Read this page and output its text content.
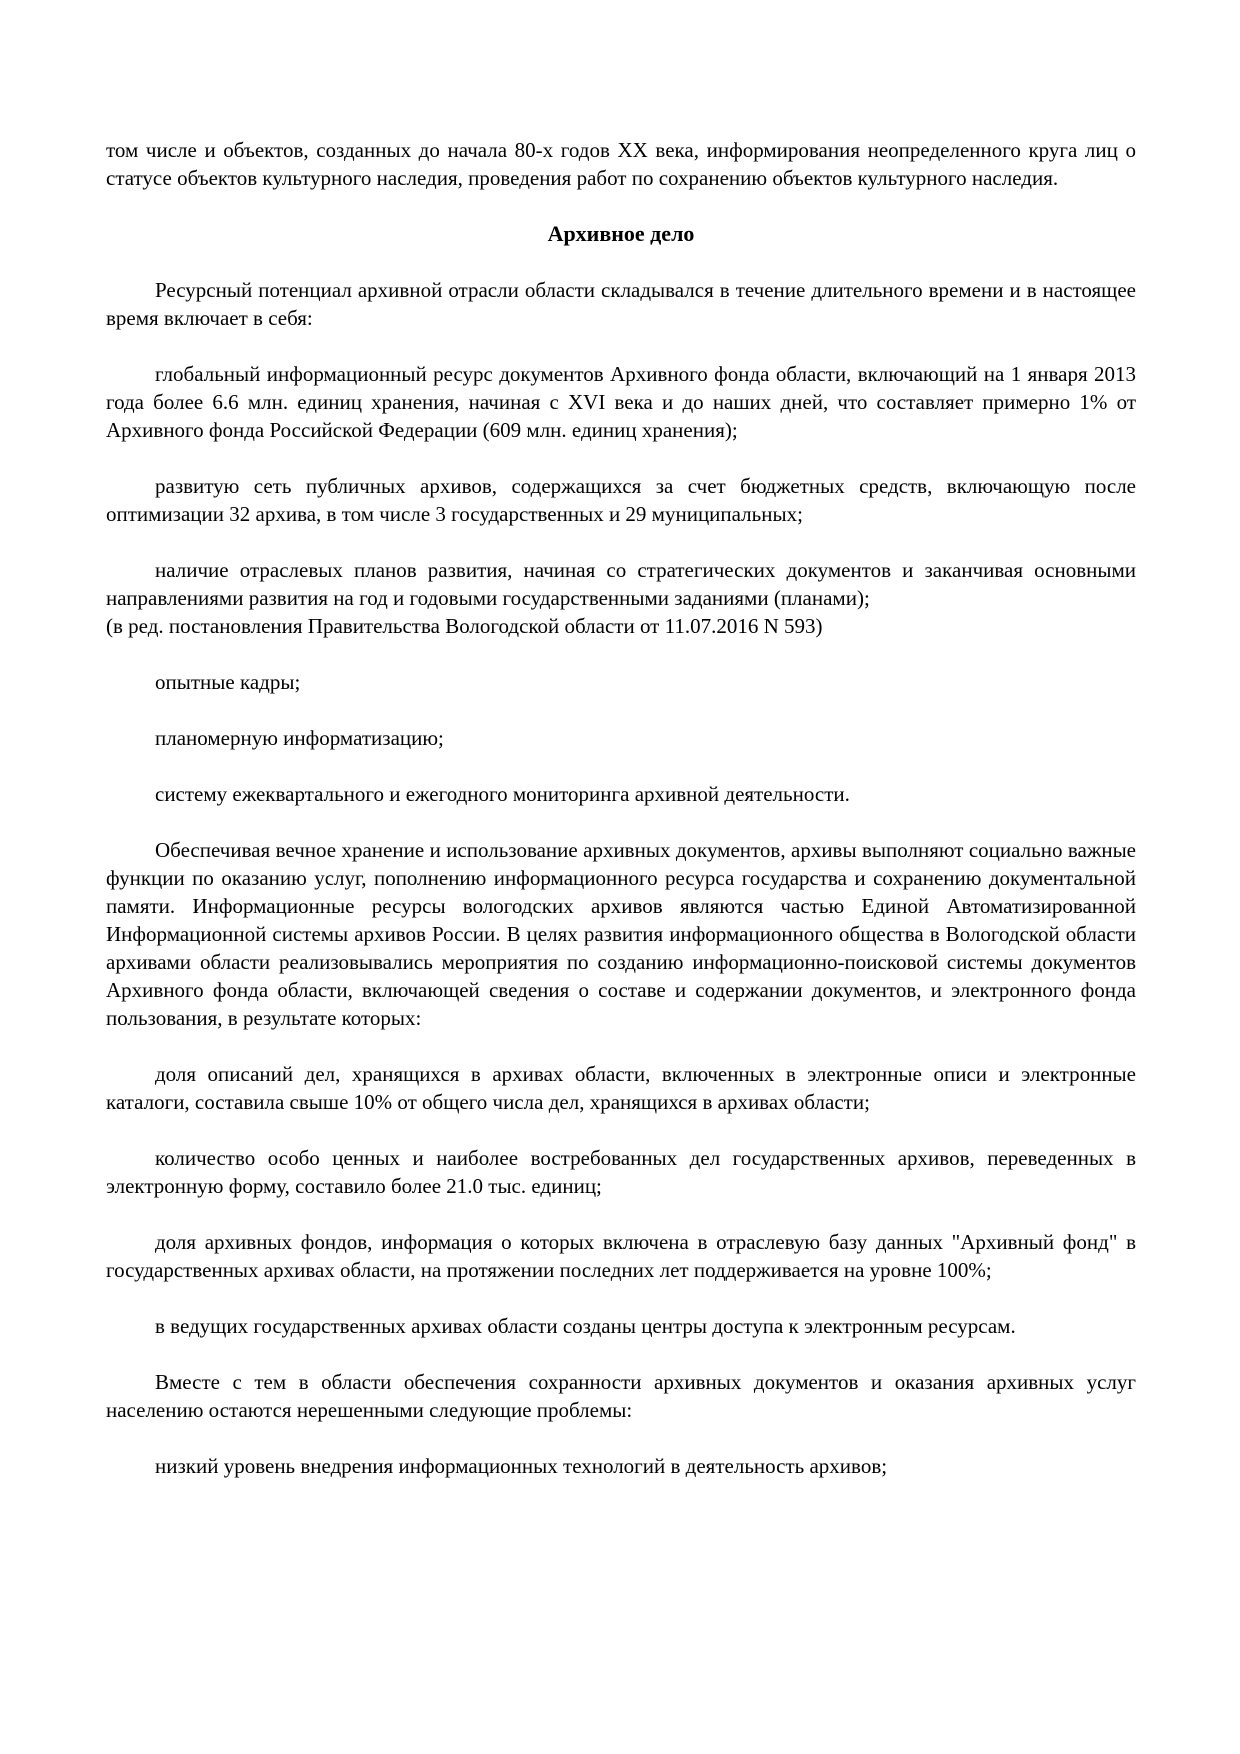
том числе и объектов, созданных до начала 80-х годов XX века, информирования неопределенного круга лиц о статусе объектов культурного наследия, проведения работ по сохранению объектов культурного наследия.

Архивное дело

Ресурсный потенциал архивной отрасли области складывался в течение длительного времени и в настоящее время включает в себя:

глобальный информационный ресурс документов Архивного фонда области, включающий на 1 января 2013 года более 6.6 млн. единиц хранения, начиная с XVI века и до наших дней, что составляет примерно 1% от Архивного фонда Российской Федерации (609 млн. единиц хранения);

развитую сеть публичных архивов, содержащихся за счет бюджетных средств, включающую после оптимизации 32 архива, в том числе 3 государственных и 29 муниципальных;

наличие отраслевых планов развития, начиная со стратегических документов и заканчивая основными направлениями развития на год и годовыми государственными заданиями (планами);

(в ред. постановления Правительства Вологодской области от 11.07.2016 N 593)

опытные кадры;

планомерную информатизацию;

систему ежеквартального и ежегодного мониторинга архивной деятельности.

Обеспечивая вечное хранение и использование архивных документов, архивы выполняют социально важные функции по оказанию услуг, пополнению информационного ресурса государства и сохранению документальной памяти. Информационные ресурсы вологодских архивов являются частью Единой Автоматизированной Информационной системы архивов России. В целях развития информационного общества в Вологодской области архивами области реализовывались мероприятия по созданию информационно-поисковой системы документов Архивного фонда области, включающей сведения о составе и содержании документов, и электронного фонда пользования, в результате которых:

доля описаний дел, хранящихся в архивах области, включенных в электронные описи и электронные каталоги, составила свыше 10% от общего числа дел, хранящихся в архивах области;

количество особо ценных и наиболее востребованных дел государственных архивов, переведенных в электронную форму, составило более 21.0 тыс. единиц;

доля архивных фондов, информация о которых включена в отраслевую базу данных "Архивный фонд" в государственных архивах области, на протяжении последних лет поддерживается на уровне 100%;

в ведущих государственных архивах области созданы центры доступа к электронным ресурсам.

Вместе с тем в области обеспечения сохранности архивных документов и оказания архивных услуг населению остаются нерешенными следующие проблемы:

низкий уровень внедрения информационных технологий в деятельность архивов;
